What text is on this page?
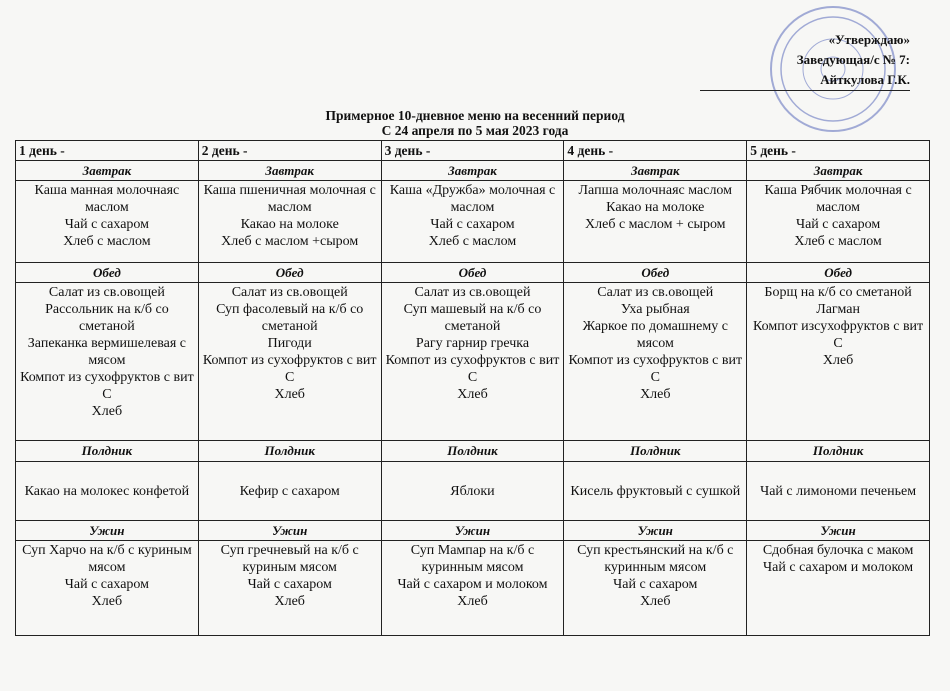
«Утверждаю»
Заведующая/с № 7:
Айткулова Г.К.
Примерное 10-дневное меню на весенний период
С 24 апреля по 5 мая 2023 года
1 день -	2 день -	3 день -	4 день -	5 день -
Завтрак	Завтрак	Завтрак	Завтрак	Завтрак

Каша манная молочнаяс маслом
Чай с сахаром
Хлеб с маслом	Каша пшеничная молочная с маслом
Какао на молоке
Хлеб с маслом +сыром	Каша «Дружба» молочная с маслом
Чай с сахаром
Хлеб с маслом	Лапша молочнаяс маслом
Какао на молоке
Хлеб с маслом + сыром	Каша Рябчик молочная с маслом
Чай с сахаром
Хлеб с маслом

Обед	Обед	Обед	Обед	Обед

Салат из св.овощей
Рассольник на к/б со сметаной
Запеканка вермишелевая с мясом
Компот из сухофруктов с вит С
Хлеб	Салат из св.овощей
Суп фасолевый на к/б со сметаной
Пигоди
Компот из сухофруктов с вит С
Хлеб	Салат из св.овощей
Суп машевый на к/б со сметаной
Рагу гарнир гречка
Компот из сухофруктов с вит С
Хлеб	Салат из св.овощей
Уха рыбная
Жаркое по домашнему с мясом
Компот из сухофруктов с вит С
Хлеб	Борщ на к/б со сметаной
Лагман
Компот изсухофруктов с вит С
Хлеб

Полдник	Полдник	Полдник	Полдник	Полдник

Какао на молокес конфетой	Кефир с сахаром	Яблоки	Кисель фруктовый с сушкой	Чай с лимономи печеньем

Ужин	Ужин	Ужин	Ужин	Ужин

Суп Харчо на к/б с куриным мясом
Чай с сахаром
Хлеб	Суп гречневый на к/б с куриным мясом
Чай с сахаром
Хлеб	Суп Мампар на к/б с куринным мясом
Чай с сахаром и молоком
Хлеб	Суп крестьянский на к/б с куринным мясом
Чай с сахаром
Хлеб	Сдобная булочка с маком
Чай с сахаром и молоком
